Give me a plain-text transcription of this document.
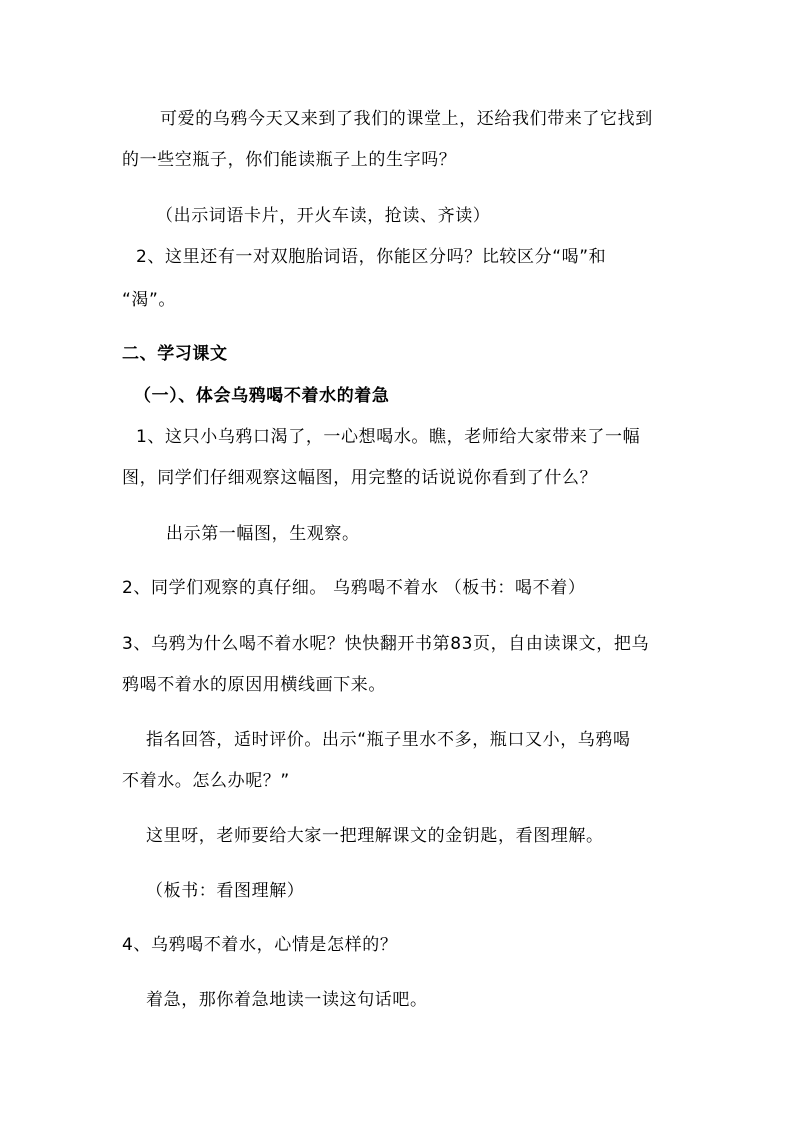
可爱的乌鸦今天又来到了我们的课堂上，还给我们带来了它找到
的一些空瓶子，你们能读瓶子上的生字吗？
（出示词语卡片，开火车读，抢读、齐读）
2、这里还有一对双胞胎词语，你能区分吗？比较区分“喝”和
“渴”。
二、学习课文
（一）、体会乌鸦喝不着水的着急
1、这只小乌鸦口渴了，一心想喝水。瞧，老师给大家带来了一幅
图，同学们仔细观察这幅图，用完整的话说说你看到了什么？
出示第一幅图，生观察。
2、同学们观察的真仔细。 乌鸦喝不着水 （板书：喝不着）
3、乌鸦为什么喝不着水呢？快快翻开书第83页，自由读课文，把乌
鸦喝不着水的原因用横线画下来。
指名回答，适时评价。出示“瓶子里水不多，瓶口又小，乌鸦喝
不着水。怎么办呢？”
这里呀，老师要给大家一把理解课文的金钥匙，看图理解。
（板书：看图理解）
4、乌鸦喝不着水，心情是怎样的？
着急，那你着急地读一读这句话吧。
